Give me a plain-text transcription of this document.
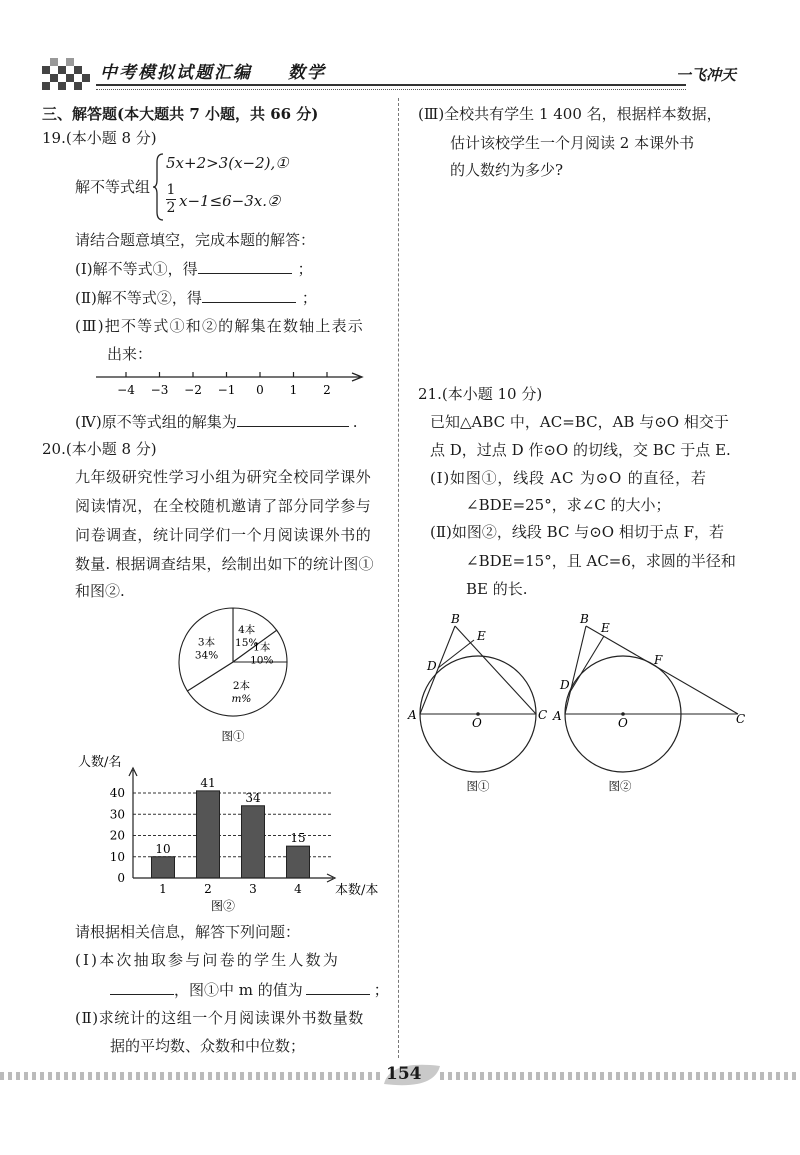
中考模拟试题汇编 数学	一飞冲天
三、解答题(本大题共 7 小题，共 66 分)
19.(本小题 8 分)
解不等式组
5x+2>3(x−2),①
$\frac{1}{2}$ x−1≤6−3x.②
请结合题意填空，完成本题的解答：
(Ⅰ)解不等式①，得	；
(Ⅱ)解不等式②，得	；
(Ⅲ)把不等式①和②的解集在数轴上表示
出来：
−4 −3 −2 −1 0 1 2
(Ⅳ)原不等式组的解集为	.
20.(本小题 8 分)
九年级研究性学习小组为研究全校同学课外
阅读情况，在全校随机邀请了部分同学参与
问卷调查，统计同学们一个月阅读课外书的
数量. 根据调查结果，绘制出如下的统计图①
和图②.
4本
15%
1本
10%
2本
m%
3本
34%
图①
人数/名
本数/本
0
10
20
30
40
10
1
41
2
34
3
15
4
图②
请根据相关信息，解答下列问题：
(Ⅰ)本次抽取参与问卷的学生人数为
，图①中 m 的值为	；
(Ⅱ)求统计的这组一个月阅读课外书数量数
据的平均数、众数和中位数；
(Ⅲ)全校共有学生 1 400 名，根据样本数据，
估计该校学生一个月阅读 2 本课外书
的人数约为多少?
21.(本小题 10 分)
已知△ABC 中，AC=BC，AB 与⊙O 相交于
点 D，过点 D 作⊙O 的切线，交 BC 于点 E.
(Ⅰ)如图①，线段 AC 为⊙O 的直径，若
∠BDE=25°，求∠C 的大小；
(Ⅱ)如图②，线段 BC 与⊙O 相切于点 F，若
∠BDE=15°，且 AC=6，求圆的半径和
BE 的长.
B
E
D
A
O
C
图①
B
E
F
D
A	O	C
图②
154
